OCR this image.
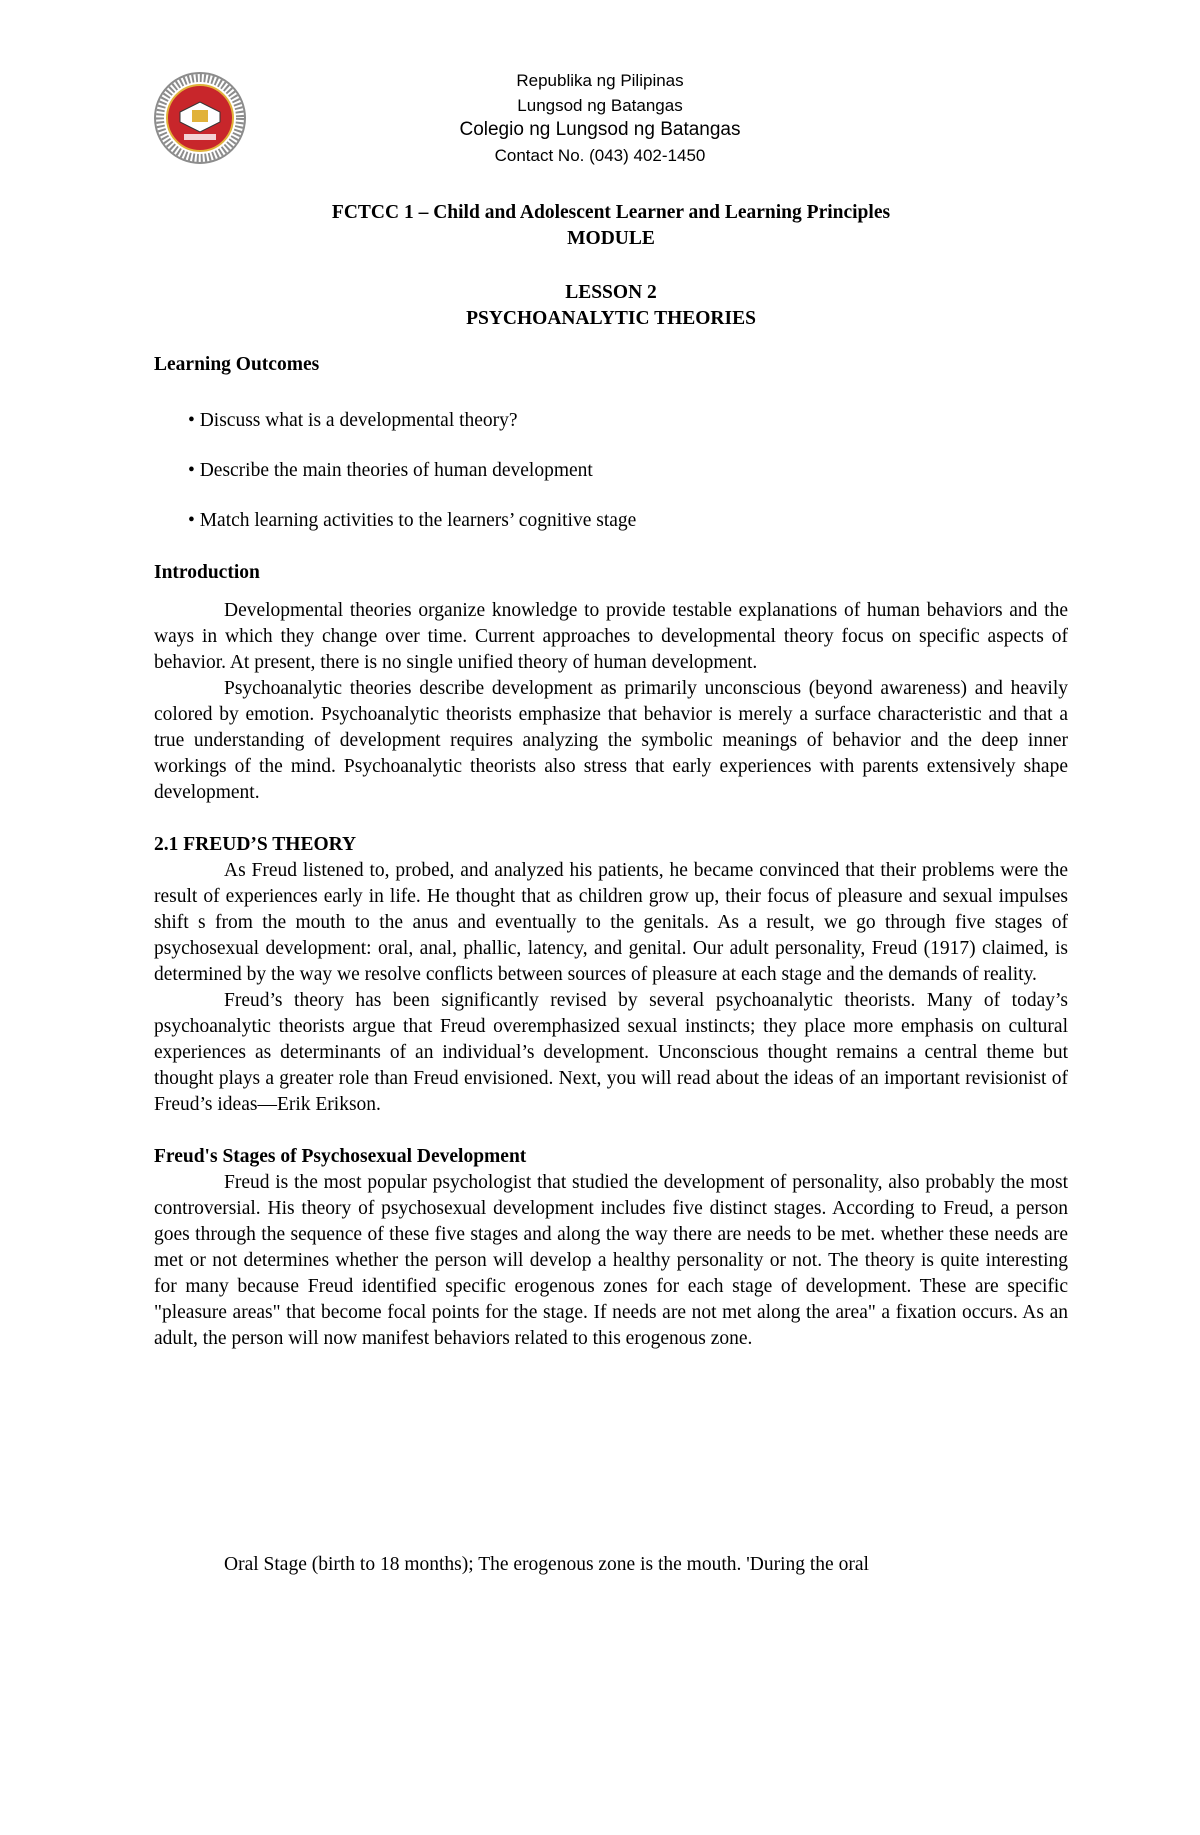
Republika ng Pilipinas
Lungsod ng Batangas
Colegio ng Lungsod ng Batangas
Contact No. (043) 402-1450
FCTCC 1 – Child and Adolescent Learner and Learning Principles
MODULE
LESSON 2
PSYCHOANALYTIC THEORIES
Learning Outcomes
• Discuss what is a developmental theory?
• Describe the main theories of human development
• Match learning activities to the learners’ cognitive stage
Introduction

Developmental theories organize knowledge to provide testable explanations of human behaviors and the ways in which they change over time. Current approaches to developmental theory focus on specific aspects of behavior. At present, there is no single unified theory of human development.

Psychoanalytic theories describe development as primarily unconscious (beyond awareness) and heavily colored by emotion. Psychoanalytic theorists emphasize that behavior is merely a surface characteristic and that a true understanding of development requires analyzing the symbolic meanings of behavior and the deep inner workings of the mind. Psychoanalytic theorists also stress that early experiences with parents extensively shape development.

2.1 FREUD’S THEORY

As Freud listened to, probed, and analyzed his patients, he became convinced that their problems were the result of experiences early in life. He thought that as children grow up, their focus of pleasure and sexual impulses shift s from the mouth to the anus and eventually to the genitals. As a result, we go through five stages of psychosexual development: oral, anal, phallic, latency, and genital. Our adult personality, Freud (1917) claimed, is determined by the way we resolve conflicts between sources of pleasure at each stage and the demands of reality.

Freud’s theory has been significantly revised by several psychoanalytic theorists. Many of today’s psychoanalytic theorists argue that Freud overemphasized sexual instincts; they place more emphasis on cultural experiences as determinants of an individual’s development. Unconscious thought remains a central theme but thought plays a greater role than Freud envisioned. Next, you will read about the ideas of an important revisionist of Freud’s ideas—Erik Erikson.

Freud's Stages of Psychosexual Development

Freud is the most popular psychologist that studied the development of personality, also probably the most controversial. His theory of psychosexual development includes five distinct stages. According to Freud, a person goes through the sequence of these five stages and along the way there are needs to be met. whether these needs are met or not determines whether the person will develop a healthy personality or not. The theory is quite interesting for many because Freud identified specific erogenous zones for each stage of development. These are specific "pleasure areas" that become focal points for the stage. If needs are not met along the area" a fixation occurs. As an adult, the person will now manifest behaviors related to this erogenous zone.

Oral Stage (birth to 18 months); The erogenous zone is the mouth. 'During the oral
